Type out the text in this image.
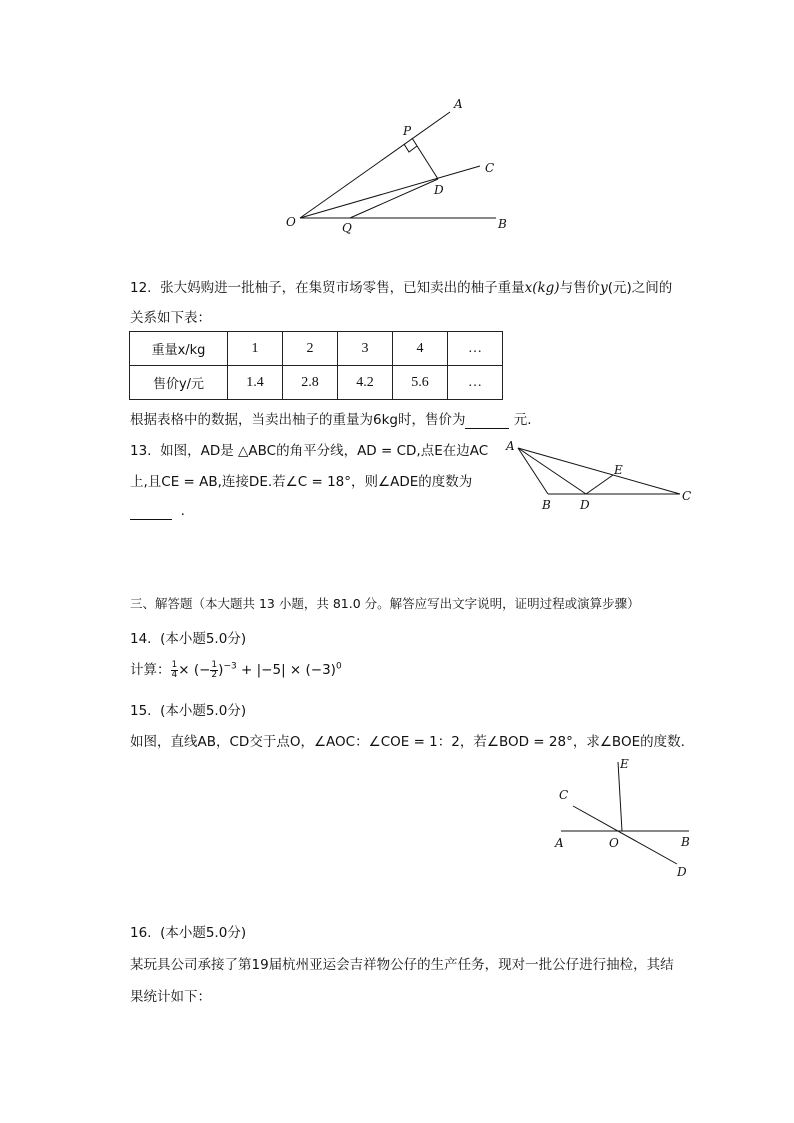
A
P
C
D
O	Q	B
12. 张大妈购进一批柚子，在集贸市场零售，已知卖出的柚子重量x(kg)与售价y(元)之间的
关系如下表：
重量x/kg	1	2	3	4	…
售价y/元	1.4	2.8	4.2	5.6	…
根据表格中的数据，当卖出柚子的重量为6kg时，售价为	元.
13. 如图，AD是 △ABC的角平分线，AD = CD,点E在边AC
上,且CE = AB,连接DE.若∠C = 18°，则∠ADE的度数为
.
A
E
B D
C
三、解答题（本大题共 13 小题，共 81.0 分。解答应写出文字说明，证明过程或演算步骤）
14. (本小题5.0分)
计算： $\frac{1}{4}$ × (− $\frac{1}{2} )^{-3} + |-5| \times (-3)^0$
15. (本小题5.0分)
如图，直线AB，CD交于点O，∠AOC：∠COE = 1：2，若∠BOD = 28°，求∠BOE的度数.
E
C
A	O	B
D
16. (本小题5.0分)
某玩具公司承接了第19届杭州亚运会吉祥物公仔的生产任务，现对一批公仔进行抽检，其结
果统计如下：
